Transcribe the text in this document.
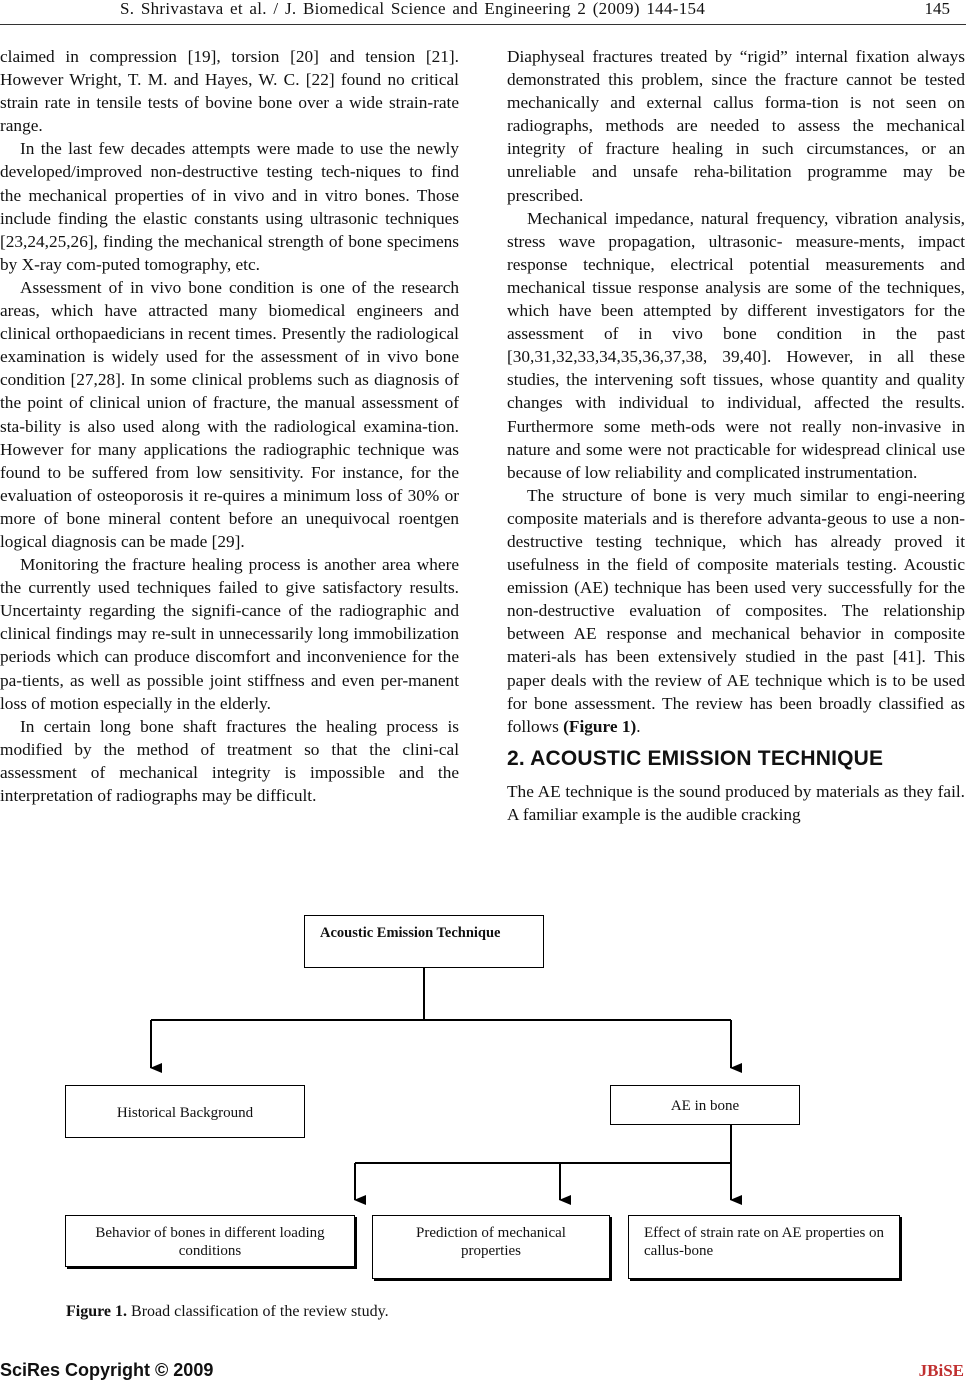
S. Shrivastava et al. / J. Biomedical Science and Engineering 2 (2009) 144-154	145

claimed in compression [19], torsion [20] and tension [21]. However Wright, T. M. and Hayes, W. C. [22] found no critical strain rate in tensile tests of bovine bone over a wide strain-rate range.

In the last few decades attempts were made to use the newly developed/improved non-destructive testing tech-niques to find the mechanical properties of in vivo and in vitro bones. Those include finding the elastic constants using ultrasonic techniques [23,24,25,26], finding the mechanical strength of bone specimens by X-ray com-puted tomography, etc.

Assessment of in vivo bone condition is one of the research areas, which have attracted many biomedical engineers and clinical orthopaedicians in recent times. Presently the radiological examination is widely used for the assessment of in vivo bone condition [27,28]. In some clinical problems such as diagnosis of the point of clinical union of fracture, the manual assessment of sta-bility is also used along with the radiological examina-tion. However for many applications the radiographic technique was found to be suffered from low sensitivity. For instance, for the evaluation of osteoporosis it re-quires a minimum loss of 30% or more of bone mineral content before an unequivocal roentgen logical diagnosis can be made [29].

Monitoring the fracture healing process is another area where the currently used techniques failed to give satisfactory results. Uncertainty regarding the signifi-cance of the radiographic and clinical findings may re-sult in unnecessarily long immobilization periods which can produce discomfort and inconvenience for the pa-tients, as well as possible joint stiffness and even per-manent loss of motion especially in the elderly.

In certain long bone shaft fractures the healing process is modified by the method of treatment so that the clini-cal assessment of mechanical integrity is impossible and the interpretation of radiographs may be difficult.

Diaphyseal fractures treated by “rigid” internal fixation always demonstrated this problem, since the fracture cannot be tested mechanically and external callus forma-tion is not seen on radiographs, methods are needed to assess the mechanical integrity of fracture healing in such circumstances, or an unreliable and unsafe reha-bilitation programme may be prescribed.

Mechanical impedance, natural frequency, vibration analysis, stress wave propagation, ultrasonic- measure-ments, impact response technique, electrical potential measurements and mechanical tissue response analysis are some of the techniques, which have been attempted by different investigators for the assessment of in vivo bone condition in the past [30,31,32,33,34,35,36,37,38, 39,40]. However, in all these studies, the intervening soft tissues, whose quantity and quality changes with individual to individual, affected the results. Furthermore some meth-ods were not really non-invasive in nature and some were not practicable for widespread clinical use because of low reliability and complicated instrumentation.

The structure of bone is very much similar to engi-neering composite materials and is therefore advanta-geous to use a non-destructive testing technique, which has already proved it usefulness in the field of composite materials testing. Acoustic emission (AE) technique has been used very successfully for the non-destructive evaluation of composites. The relationship between AE response and mechanical behavior in composite materi-als has been extensively studied in the past [41]. This paper deals with the review of AE technique which is to be used for bone assessment. The review has been broadly classified as follows (Figure 1).

2. ACOUSTIC EMISSION TECHNIQUE

The AE technique is the sound produced by materials as they fail. A familiar example is the audible cracking

Acoustic Emission Technique
Historical Background	AE in bone
Behavior of bones in different loading conditions
Prediction of mechanical properties
Effect of strain rate on AE properties on callus-bone
Figure 1. Broad classification of the review study.
SciRes Copyright © 2009	JBiSE
